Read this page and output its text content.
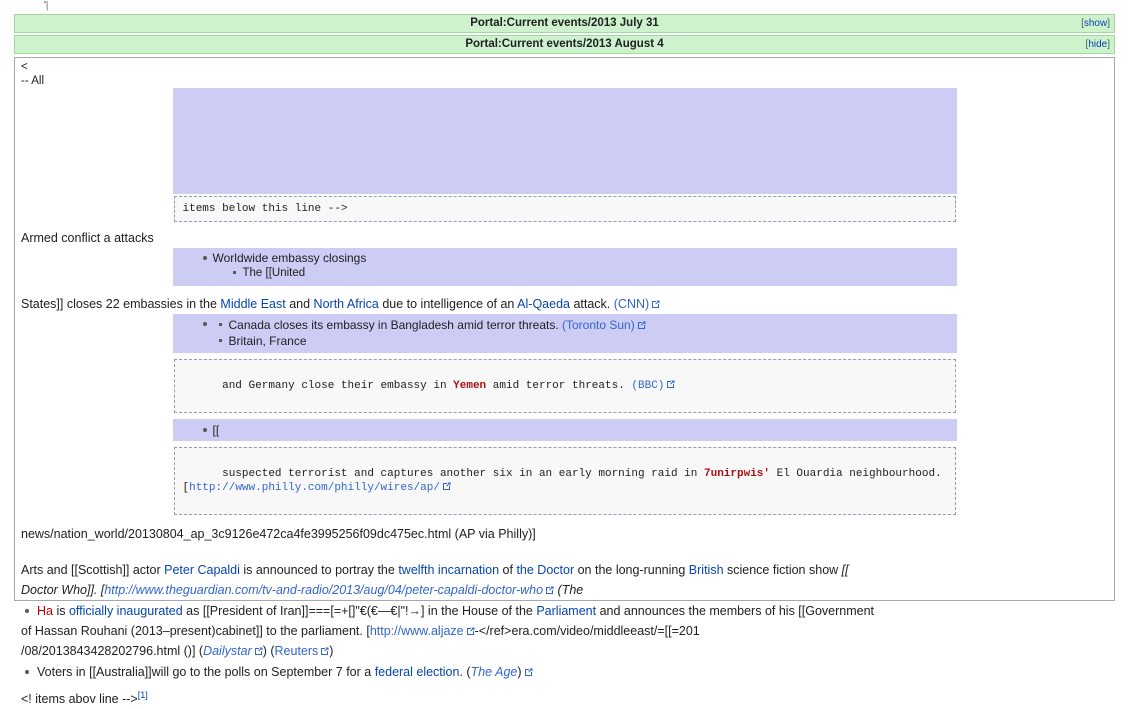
'|
Portal:Current events/2013 July 31	[show]
Portal:Current events/2013 August 4	[hide]
<
-- All
items below this line -->
Armed conflict a attacks
Worldwide embassy closings
The [[United
States]] closes 22 embassies in the Middle East and North Africa due to intelligence of an Al-Qaeda attack. (CNN)
Canada closes its embassy in Bangladesh amid terror threats. (Toronto Sun)
Britain, France

and Germany close their embassy in Yemen amid terror threats. (BBC)

[[

suspected terrorist and captures another six in an early morning raid in 7unirpwis' El Ouardia neighbourhood. [http://www.philly.com/philly/wires/ap/

news/nation_world/20130804_ap_3c9126e472ca4fe3995256f09dc475ec.html (AP via Philly)]
Arts and [[Scottish]] actor Peter Capaldi is announced to portray the twelfth incarnation of the Doctor on the long-running British science fiction show [[
Doctor Who]]. [http://www.theguardian.com/tv-and-radio/2013/aug/04/peter-capaldi-doctor-who (The
Ha is officially inaugurated as [[President of Iran]]===[=+[]"€(€—€|"!→] in the House of the Parliament and announces the members of his [[Government
of Hassan Rouhani (2013–present)cabinet]] to the parliament. [http://www.aljaze -</ref>era.com/video/middleeast/=[[=201
/08/2013843428202796.html ()] (Dailystar ) (Reuters )
Voters in [[Australia]]will go to the polls on September 7 for a federal election. (The Age)
<! items abov line -->[1]
